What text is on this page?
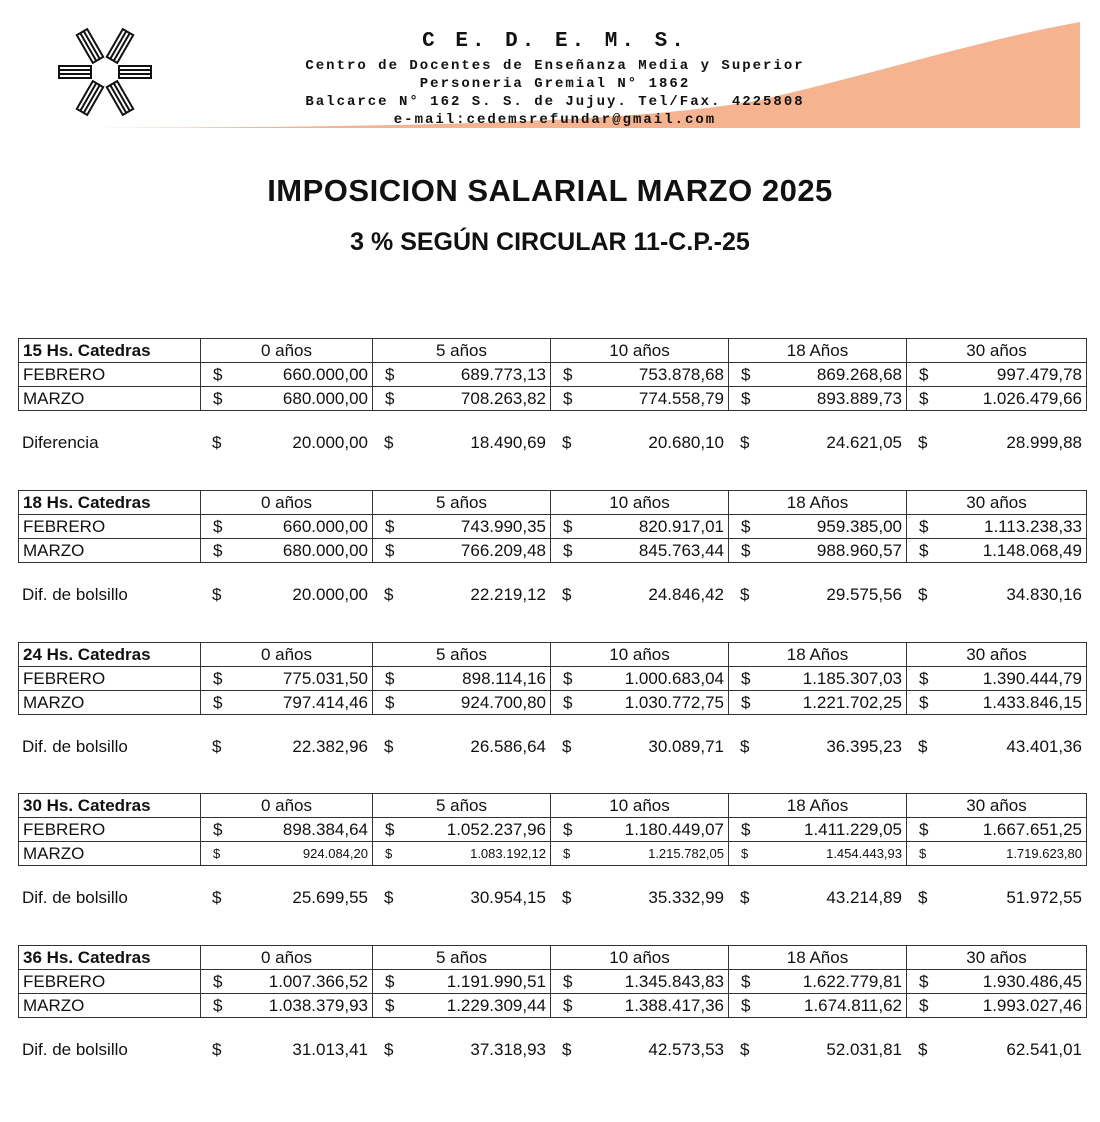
C E. D. E. M. S.
Centro de Docentes de Enseñanza Media y Superior
Personeria Gremial N° 1862
Balcarce N° 162 S. S. de Jujuy. Tel/Fax. 4225808
e-mail:cedemsrefundar@gmail.com
IMPOSICION SALARIAL MARZO 2025
3 % SEGÚN CIRCULAR 11-C.P.-25
15 Hs. Catedras	0 años	5 años	10 años	18 Años	30 años
FEBRERO	$ 660.000,00	$ 689.773,13	$ 753.878,68	$ 869.268,68	$ 997.479,78

MARZO	$ 680.000,00	$ 708.263,82	$ 774.558,79	$ 893.889,73	$ 1.026.479,66
Diferencia	$	20.000,00	$	18.490,69	$	20.680,10	$	24.621,05	$	28.999,88
18 Hs. Catedras	0 años	5 años	10 años	18 Años	30 años
FEBRERO	$ 660.000,00	$ 743.990,35	$ 820.917,01	$ 959.385,00	$ 1.113.238,33

MARZO	$ 680.000,00	$ 766.209,48	$ 845.763,44	$ 988.960,57	$ 1.148.068,49
Dif. de bolsillo	$	20.000,00	$	22.219,12	$	24.846,42	$	29.575,56	$	34.830,16
24 Hs. Catedras	0 años	5 años	10 años	18 Años	30 años
FEBRERO	$ 775.031,50	$ 898.114,16	$ 1.000.683,04	$ 1.185.307,03	$ 1.390.444,79

MARZO	$ 797.414,46	$ 924.700,80	$ 1.030.772,75	$ 1.221.702,25	$ 1.433.846,15
Dif. de bolsillo	$	22.382,96	$	26.586,64	$	30.089,71	$	36.395,23	$	43.401,36
30 Hs. Catedras	0 años	5 años	10 años	18 Años	30 años
FEBRERO	$ 898.384,64	$ 1.052.237,96	$ 1.180.449,07	$ 1.411.229,05	$ 1.667.651,25

MARZO	$ 924.084,20	$ 1.083.192,12	$ 1.215.782,05	$ 1.454.443,93	$ 1.719.623,80
Dif. de bolsillo	$	25.699,55	$	30.954,15	$	35.332,99	$	43.214,89	$	51.972,55
36 Hs. Catedras	0 años	5 años	10 años	18 Años	30 años
FEBRERO	$ 1.007.366,52	$ 1.191.990,51	$ 1.345.843,83	$ 1.622.779,81	$ 1.930.486,45

MARZO	$ 1.038.379,93	$ 1.229.309,44	$ 1.388.417,36	$ 1.674.811,62	$ 1.993.027,46
Dif. de bolsillo	$	31.013,41	$	37.318,93	$	42.573,53	$	52.031,81	$	62.541,01
